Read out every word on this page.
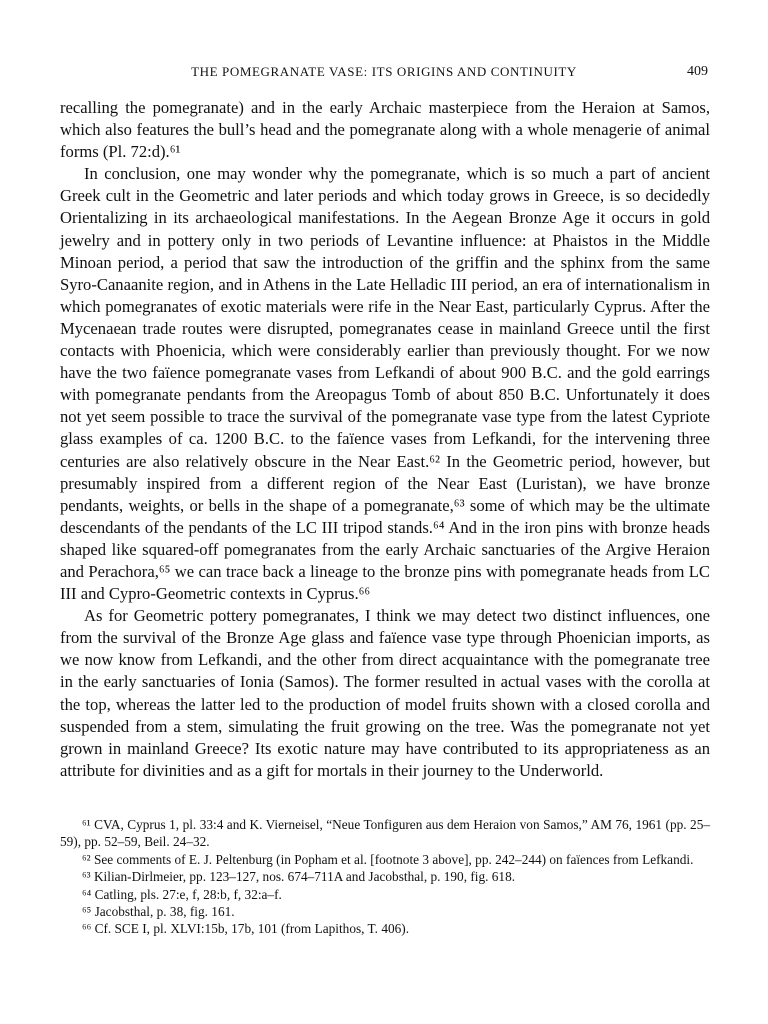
THE POMEGRANATE VASE: ITS ORIGINS AND CONTINUITY	409

recalling the pomegranate) and in the early Archaic masterpiece from the Heraion at Samos, which also features the bull’s head and the pomegranate along with a whole menagerie of animal forms (Pl. 72:d).⁶¹

In conclusion, one may wonder why the pomegranate, which is so much a part of ancient Greek cult in the Geometric and later periods and which today grows in Greece, is so decidedly Orientalizing in its archaeological manifestations. In the Aegean Bronze Age it occurs in gold jewelry and in pottery only in two periods of Levantine influence: at Phaistos in the Middle Minoan period, a period that saw the introduction of the griffin and the sphinx from the same Syro-Canaanite region, and in Athens in the Late Helladic III period, an era of internationalism in which pomegranates of exotic materials were rife in the Near East, particularly Cyprus. After the Mycenaean trade routes were disrupted, pomegranates cease in mainland Greece until the first contacts with Phoenicia, which were considerably earlier than previously thought. For we now have the two faïence pomegranate vases from Lefkandi of about 900 B.C. and the gold earrings with pomegranate pendants from the Areopagus Tomb of about 850 B.C. Unfortunately it does not yet seem possible to trace the survival of the pomegranate vase type from the latest Cypriote glass examples of ca. 1200 B.C. to the faïence vases from Lefkandi, for the intervening three centuries are also relatively obscure in the Near East.⁶² In the Geometric period, however, but presumably inspired from a different region of the Near East (Luristan), we have bronze pendants, weights, or bells in the shape of a pomegranate,⁶³ some of which may be the ultimate descendants of the pendants of the LC III tripod stands.⁶⁴ And in the iron pins with bronze heads shaped like squared-off pomegranates from the early Archaic sanctuaries of the Argive Heraion and Perachora,⁶⁵ we can trace back a lineage to the bronze pins with pomegranate heads from LC III and Cypro-Geometric contexts in Cyprus.⁶⁶

As for Geometric pottery pomegranates, I think we may detect two distinct influences, one from the survival of the Bronze Age glass and faïence vase type through Phoenician imports, as we now know from Lefkandi, and the other from direct acquaintance with the pomegranate tree in the early sanctuaries of Ionia (Samos). The former resulted in actual vases with the corolla at the top, whereas the latter led to the production of model fruits shown with a closed corolla and suspended from a stem, simulating the fruit growing on the tree. Was the pomegranate not yet grown in mainland Greece? Its exotic nature may have contributed to its appropriateness as an attribute for divinities and as a gift for mortals in their journey to the Underworld.

⁶¹ CVA, Cyprus 1, pl. 33:4 and K. Vierneisel, “Neue Tonfiguren aus dem Heraion von Samos,” AM 76, 1961 (pp. 25–59), pp. 52–59, Beil. 24–32.

⁶² See comments of E. J. Peltenburg (in Popham et al. [footnote 3 above], pp. 242–244) on faïences from Lefkandi.

⁶³ Kilian-Dirlmeier, pp. 123–127, nos. 674–711A and Jacobsthal, p. 190, fig. 618.

⁶⁴ Catling, pls. 27:e, f, 28:b, f, 32:a–f.

⁶⁵ Jacobsthal, p. 38, fig. 161.

⁶⁶ Cf. SCE I, pl. XLVI:15b, 17b, 101 (from Lapithos, T. 406).
